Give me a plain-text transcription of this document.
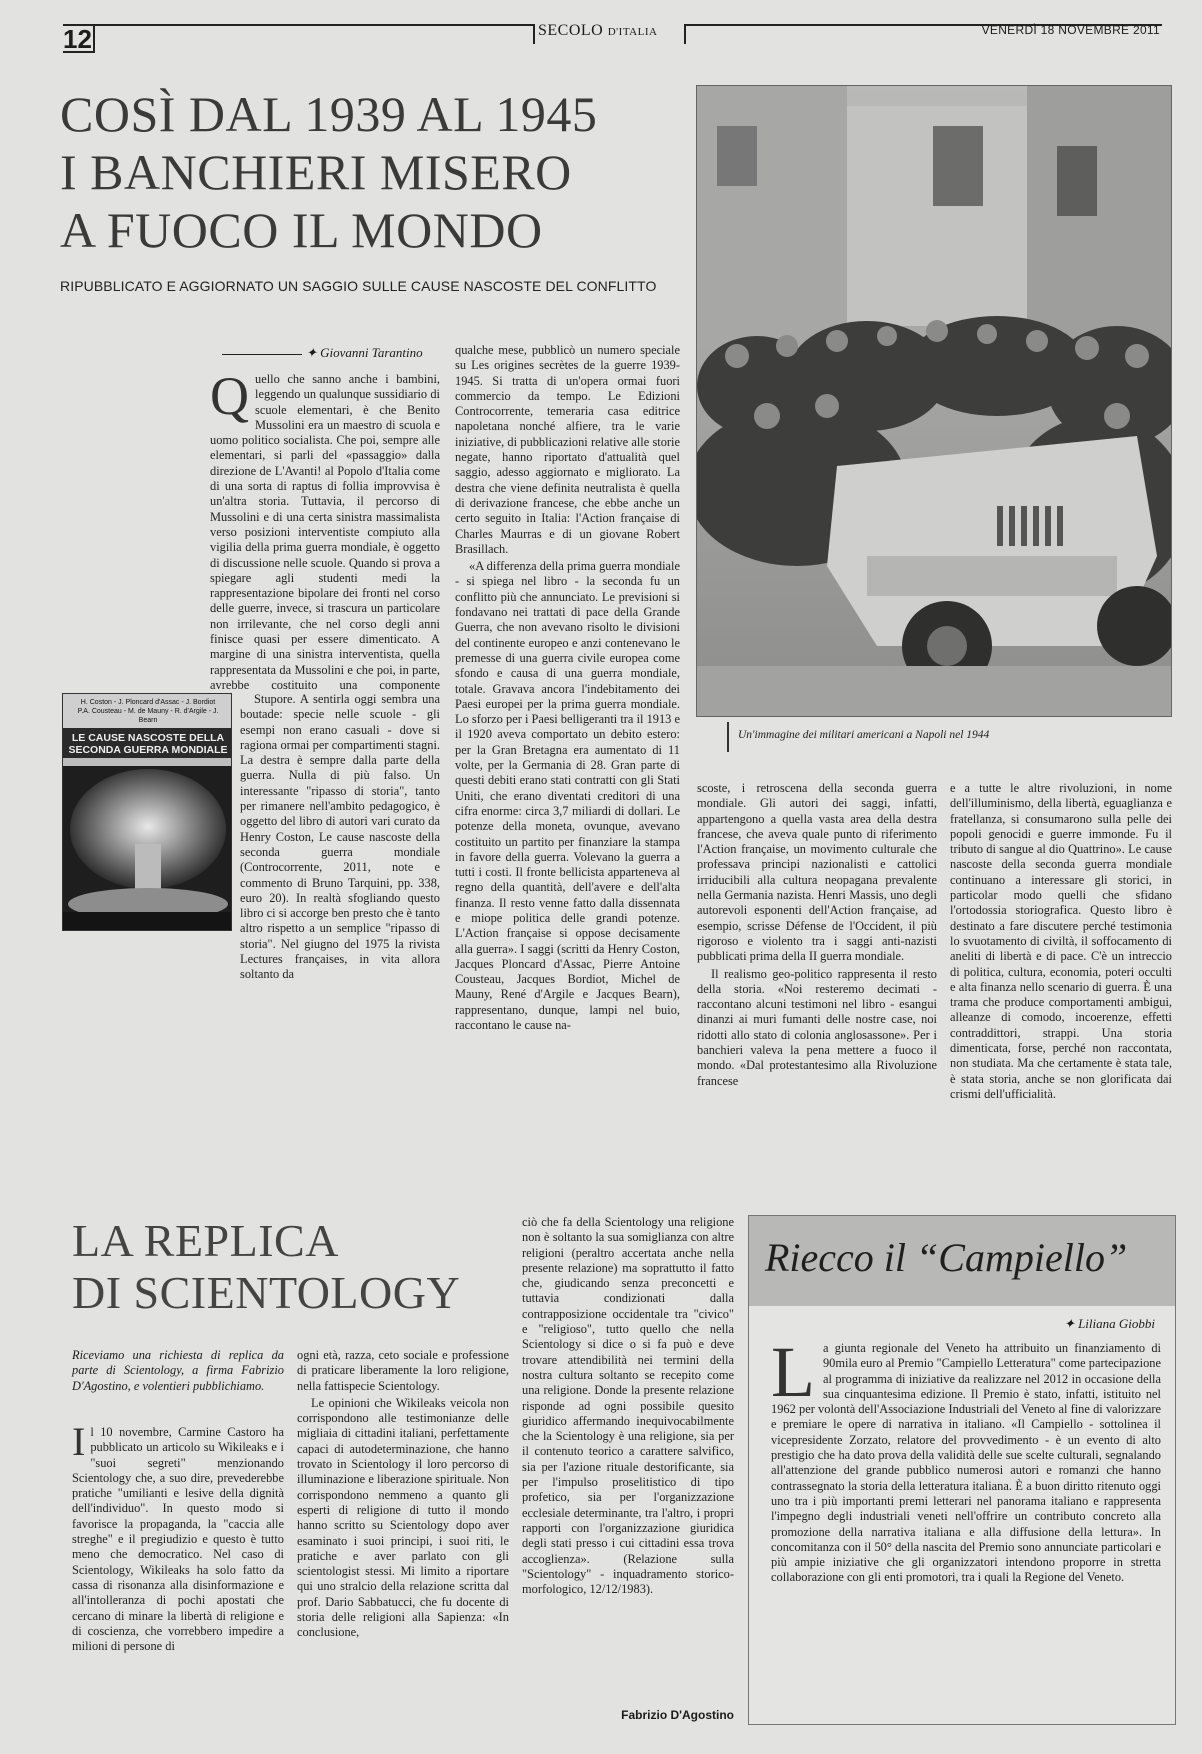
12	SECOLO D'ITALIA	VENERDÌ 18 NOVEMBRE 2011
COSÌ DAL 1939 AL 1945
I BANCHIERI MISERO
A FUOCO IL MONDO
RIPUBBLICATO E AGGIORNATO UN SAGGIO SULLE CAUSE NASCOSTE DEL CONFLITTO
✦ Giovanni Tarantino

Quello che sanno anche i bambini, leggendo un qualunque sussidiario di scuole elementari, è che Benito Mussolini era un maestro di scuola e uomo politico socialista. Che poi, sempre alle elementari, si parli del «passaggio» dalla direzione de L'Avanti! al Popolo d'Italia come di una sorta di raptus di follia improvvisa è un'altra storia. Tuttavia, il percorso di Mussolini e di una certa sinistra massimalista verso posizioni interventiste compiuto alla vigilia della prima guerra mondiale, è oggetto di discussione nelle scuole. Quando si prova a spiegare agli studenti medi la rappresentazione bipolare dei fronti nel corso delle guerre, invece, si trascura un particolare non irrilevante, che nel corso degli anni finisce quasi per essere dimenticato. A margine di una sinistra interventista, quella rappresentata da Mussolini e che poi, in parte, avrebbe costituito una componente

H. Coston - J. Ploncard d'Assac - J. Bordiot
P.A. Cousteau - M. de Mauny - R. d'Argile - J. Bearn
LE CAUSE NASCOSTE DELLA SECONDA GUERRA MONDIALE

Stupore. A sentirla oggi sembra una boutade: specie nelle scuole - gli esempi non erano casuali - dove si ragiona ormai per compartimenti stagni. La destra è sempre dalla parte della guerra. Nulla di più falso. Un interessante "ripasso di storia", tanto per rimanere nell'ambito pedagogico, è oggetto del libro di autori vari curato da Henry Coston, Le cause nascoste della seconda guerra mondiale (Controcorrente, 2011, note e commento di Bruno Tarquini, pp. 338, euro 20). In realtà sfogliando questo libro ci si accorge ben presto che è tanto altro rispetto a un semplice "ripasso di storia". Nel giugno del 1975 la rivista Lectures françaises, in vita allora soltanto da

qualche mese, pubblicò un numero speciale su Les origines secrètes de la guerre 1939-1945. Si tratta di un'opera ormai fuori commercio da tempo. Le Edizioni Controcorrente, temeraria casa editrice napoletana nonché alfiere, tra le varie iniziative, di pubblicazioni relative alle storie negate, hanno riportato d'attualità quel saggio, adesso aggiornato e migliorato. La destra che viene definita neutralista è quella di derivazione francese, che ebbe anche un certo seguito in Italia: l'Action française di Charles Maurras e di un giovane Robert Brasillach.

«A differenza della prima guerra mondiale - si spiega nel libro - la seconda fu un conflitto più che annunciato. Le previsioni si fondavano nei trattati di pace della Grande Guerra, che non avevano risolto le divisioni del continente europeo e anzi contenevano le premesse di una guerra civile europea come sfondo e causa di una guerra mondiale, totale. Gravava ancora l'indebitamento dei Paesi europei per la prima guerra mondiale. Lo sforzo per i Paesi belligeranti tra il 1913 e il 1920 aveva comportato un debito estero: per la Gran Bretagna era aumentato di 11 volte, per la Germania di 28. Gran parte di questi debiti erano stati contratti con gli Stati Uniti, che erano diventati creditori di una cifra enorme: circa 3,7 miliardi di dollari. Le potenze della moneta, ovunque, avevano costituito un partito per finanziare la stampa in favore della guerra. Volevano la guerra a tutti i costi. Il fronte bellicista apparteneva al regno della quantità, dell'avere e dell'alta finanza. Il resto venne fatto dalla dissennata e miope politica delle grandi potenze. L'Action française si oppose decisamente alla guerra». I saggi (scritti da Henry Coston, Jacques Ploncard d'Assac, Pierre Antoine Cousteau, Jacques Bordiot, Michel de Mauny, René d'Argile e Jacques Bearn), rappresentano, dunque, lampi nel buio, raccontano le cause na-

Un'immagine dei militari americani a Napoli nel 1944

scoste, i retroscena della seconda guerra mondiale. Gli autori dei saggi, infatti, appartengono a quella vasta area della destra francese, che aveva quale punto di riferimento l'Action française, un movimento culturale che professava principi nazionalisti e cattolici irriducibili alla cultura neopagana prevalente nella Germania nazista. Henri Massis, uno degli autorevoli esponenti dell'Action française, ad esempio, scrisse Défense de l'Occident, il più rigoroso e violento tra i saggi anti-nazisti pubblicati prima della II guerra mondiale.

Il realismo geo-politico rappresenta il resto della storia. «Noi resteremo decimati - raccontano alcuni testimoni nel libro - esangui dinanzi ai muri fumanti delle nostre case, noi ridotti allo stato di colonia anglosassone». Per i banchieri valeva la pena mettere a fuoco il mondo. «Dal protestantesimo alla Rivoluzione francese

e a tutte le altre rivoluzioni, in nome dell'illuminismo, della libertà, eguaglianza e fratellanza, si consumarono sulla pelle dei popoli genocidi e guerre immonde. Fu il tributo di sangue al dio Quattrino». Le cause nascoste della seconda guerra mondiale continuano a interessare gli storici, in particolar modo quelli che sfidano l'ortodossia storiografica. Questo libro è destinato a fare discutere perché testimonia lo svuotamento di civiltà, il soffocamento di aneliti di libertà e di pace. C'è un intreccio di politica, cultura, economia, poteri occulti e alta finanza nello scenario di guerra. È una trama che produce comportamenti ambigui, alleanze di comodo, incoerenze, effetti contraddittori, strappi. Una storia dimenticata, forse, perché non raccontata, non studiata. Ma che certamente è stata tale, è stata storia, anche se non glorificata dai crismi dell'ufficialità.

LA REPLICA
DI SCIENTOLOGY
Riceviamo una richiesta di replica da parte di Scientology, a firma Fabrizio D'Agostino, e volentieri pubblichiamo.

Il 10 novembre, Carmine Castoro ha pubblicato un articolo su Wikileaks e i "suoi segreti" menzionando Scientology che, a suo dire, prevederebbe pratiche "umilianti e lesive della dignità dell'individuo". In questo modo si favorisce la propaganda, la "caccia alle streghe" e il pregiudizio e questo è tutto meno che democratico. Nel caso di Scientology, Wikileaks ha solo fatto da cassa di risonanza alla disinformazione e all'intolleranza di pochi apostati che cercano di minare la libertà di religione e di coscienza, che vorrebbero impedire a milioni di persone di

ogni età, razza, ceto sociale e professione di praticare liberamente la loro religione, nella fattispecie Scientology.

Le opinioni che Wikileaks veicola non corrispondono alle testimonianze delle migliaia di cittadini italiani, perfettamente capaci di autodeterminazione, che hanno trovato in Scientology il loro percorso di illuminazione e liberazione spirituale. Non corrispondono nemmeno a quanto gli esperti di religione di tutto il mondo hanno scritto su Scientology dopo aver esaminato i suoi principi, i suoi riti, le pratiche e aver parlato con gli scientologist stessi. Mi limito a riportare qui uno stralcio della relazione scritta dal prof. Dario Sabbatucci, che fu docente di storia delle religioni alla Sapienza: «In conclusione,

ciò che fa della Scientology una religione non è soltanto la sua somiglianza con altre religioni (peraltro accertata anche nella presente relazione) ma soprattutto il fatto che, giudicando senza preconcetti e tuttavia condizionati dalla contrapposizione occidentale tra "civico" e "religioso", tutto quello che nella Scientology si dice o si fa può e deve trovare attendibilità nei termini della nostra cultura soltanto se recepito come una religione. Donde la presente relazione risponde ad ogni possibile quesito giuridico affermando inequivocabilmente che la Scientology è una religione, sia per il contenuto teorico a carattere salvifico, sia per l'azione rituale destorificante, sia per l'impulso proselitistico di tipo profetico, sia per l'organizzazione ecclesiale determinante, tra l'altro, i propri rapporti con l'organizzazione giuridica degli stati presso i cui cittadini essa trova accoglienza». (Relazione sulla "Scientology" - inquadramento storico-morfologico, 12/12/1983).

Fabrizio D'Agostino
Riecco il “Campiello”
✦ Liliana Giobbi

La giunta regionale del Veneto ha attribuito un finanziamento di 90mila euro al Premio "Campiello Letteratura" come partecipazione al programma di iniziative da realizzare nel 2012 in occasione della sua cinquantesima edizione. Il Premio è stato, infatti, istituito nel 1962 per volontà dell'Associazione Industriali del Veneto al fine di valorizzare e premiare le opere di narrativa in italiano. «Il Campiello - sottolinea il vicepresidente Zorzato, relatore del provvedimento - è un evento di alto prestigio che ha dato prova della validità delle sue scelte culturali, segnalando all'attenzione del grande pubblico numerosi autori e romanzi che hanno contrassegnato la storia della letteratura italiana. È a buon diritto ritenuto oggi uno tra i più importanti premi letterari nel panorama italiano e rappresenta l'impegno degli industriali veneti nell'offrire un contributo concreto alla promozione della narrativa italiana e alla diffusione della lettura». In concomitanza con il 50° della nascita del Premio sono annunciate particolari e più ampie iniziative che gli organizzatori intendono proporre in stretta collaborazione con gli enti promotori, tra i quali la Regione del Veneto.
